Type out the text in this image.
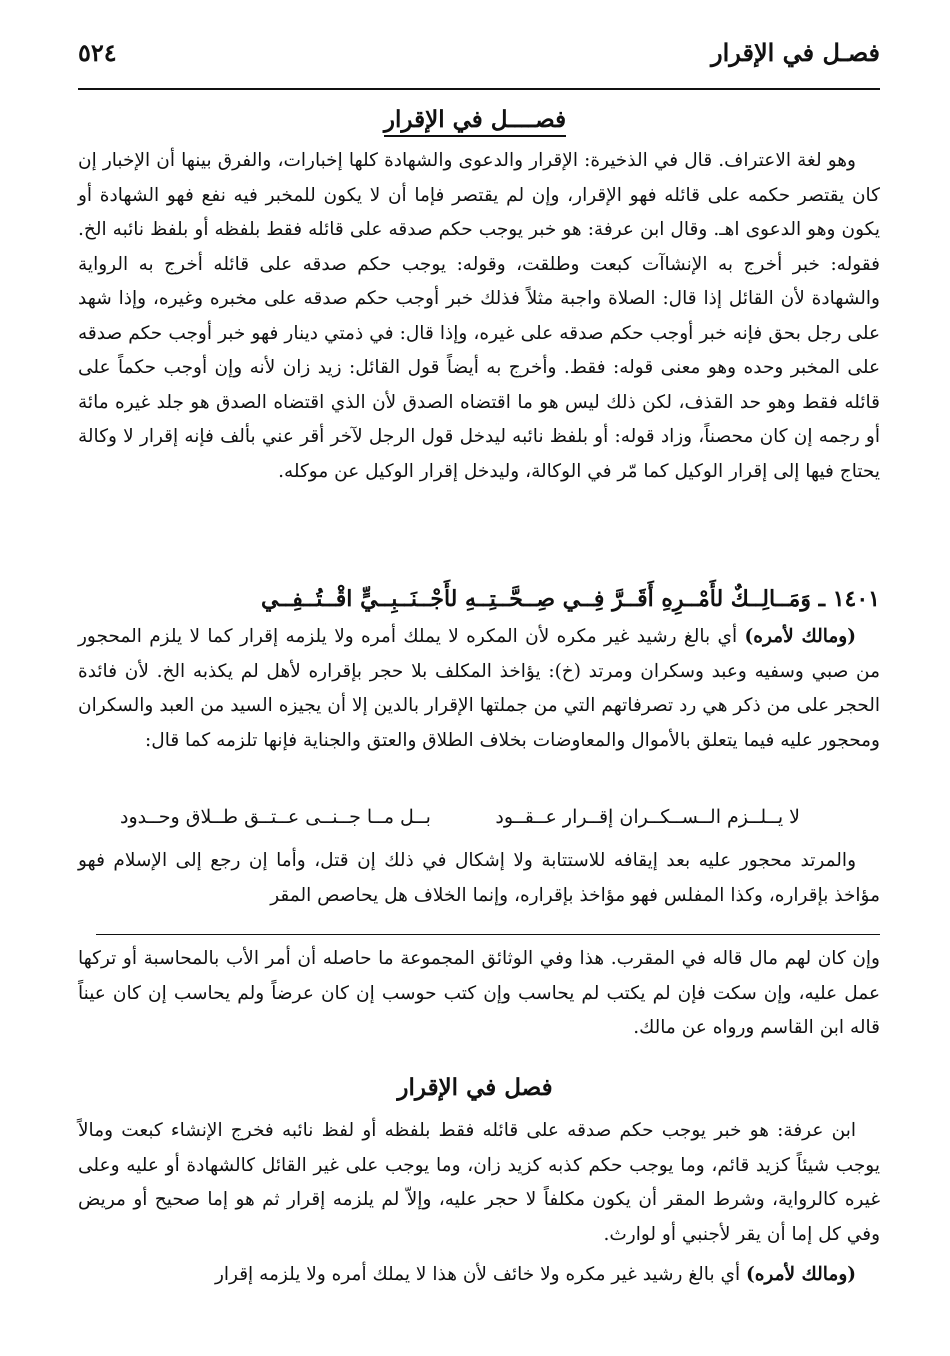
فصـل في الإقرار
٥٢٤
فصــــل في الإقرار

وهو لغة الاعتراف. قال في الذخيرة: الإقرار والدعوى والشهادة كلها إخبارات، والفرق بينها أن الإخبار إن كان يقتصر حكمه على قائله فهو الإقرار، وإن لم يقتصر فإما أن لا يكون للمخبر فيه نفع فهو الشهادة أو يكون وهو الدعوى اهـ. وقال ابن عرفة: هو خبر يوجب حكم صدقه على قائله فقط بلفظه أو بلفظ نائبه الخ. فقوله: خبر أخرج به الإنشاآت كبعت وطلقت، وقوله: يوجب حكم صدقه على قائله أخرج به الرواية والشهادة لأن القائل إذا قال: الصلاة واجبة مثلاً فذلك خبر أوجب حكم صدقه على مخبره وغيره، وإذا شهد على رجل بحق فإنه خبر أوجب حكم صدقه على غيره، وإذا قال: في ذمتي دينار فهو خبر أوجب حكم صدقه على المخبر وحده وهو معنى قوله: فقط. وأخرج به أيضاً قول القائل: زيد زان لأنه وإن أوجب حكماً على قائله فقط وهو حد القذف، لكن ذلك ليس هو ما اقتضاه الصدق لأن الذي اقتضاه الصدق هو جلد غيره مائة أو رجمه إن كان محصناً، وزاد قوله: أو بلفظ نائبه ليدخل قول الرجل لآخر أقر عني بألف فإنه إقرار لا وكالة يحتاج فيها إلى إقرار الوكيل كما مّر في الوكالة، وليدخل إقرار الوكيل عن موكله.

١٤٠١ ـ وَمَــالِــكٌ لأَمْــرِهِ أَقَــرَّ فِــي صِــحَّــتِــهِ لأَجْــنَــبِــيٍّ اقْــتُــفِــي

(ومالك لأمره) أي بالغ رشيد غير مكره لأن المكره لا يملك أمره ولا يلزمه إقرار كما لا يلزم المحجور من صبي وسفيه وعبد وسكران ومرتد (خ): يؤاخذ المكلف بلا حجر بإقراره لأهل لم يكذبه الخ. لأن فائدة الحجر على من ذكر هي رد تصرفاتهم التي من جملتها الإقرار بالدين إلا أن يجيزه السيد من العبد والسكران ومحجور عليه فيما يتعلق بالأموال والمعاوضات بخلاف الطلاق والعتق والجناية فإنها تلزمه كما قال:

لا يــلــزم الــســكــران إقــرار عــقــود
بــل مــا جــنــى عــتــق طــلاق وحــدود

والمرتد محجور عليه بعد إيقافه للاستتابة ولا إشكال في ذلك إن قتل، وأما إن رجع إلى الإسلام فهو مؤاخذ بإقراره، وكذا المفلس فهو مؤاخذ بإقراره، وإنما الخلاف هل يحاصص المقر

وإن كان لهم مال قاله في المقرب. هذا وفي الوثائق المجموعة ما حاصله أن أمر الأب بالمحاسبة أو تركها عمل عليه، وإن سكت فإن لم يكتب لم يحاسب وإن كتب حوسب إن كان عرضاً ولم يحاسب إن كان عيناً قاله ابن القاسم ورواه عن مالك.

فصل في الإقرار

ابن عرفة: هو خبر يوجب حكم صدقه على قائله فقط بلفظه أو لفظ نائبه فخرج الإنشاء كبعت ومالاً يوجب شيئاً كزيد قائم، وما يوجب حكم كذبه كزيد زان، وما يوجب على غير القائل كالشهادة أو عليه وعلى غيره كالرواية، وشرط المقر أن يكون مكلفاً لا حجر عليه، وإلاّ لم يلزمه إقرار ثم هو إما صحيح أو مريض وفي كل إما أن يقر لأجنبي أو لوارث.

(ومالك لأمره) أي بالغ رشيد غير مكره ولا خائف لأن هذا لا يملك أمره ولا يلزمه إقرار
